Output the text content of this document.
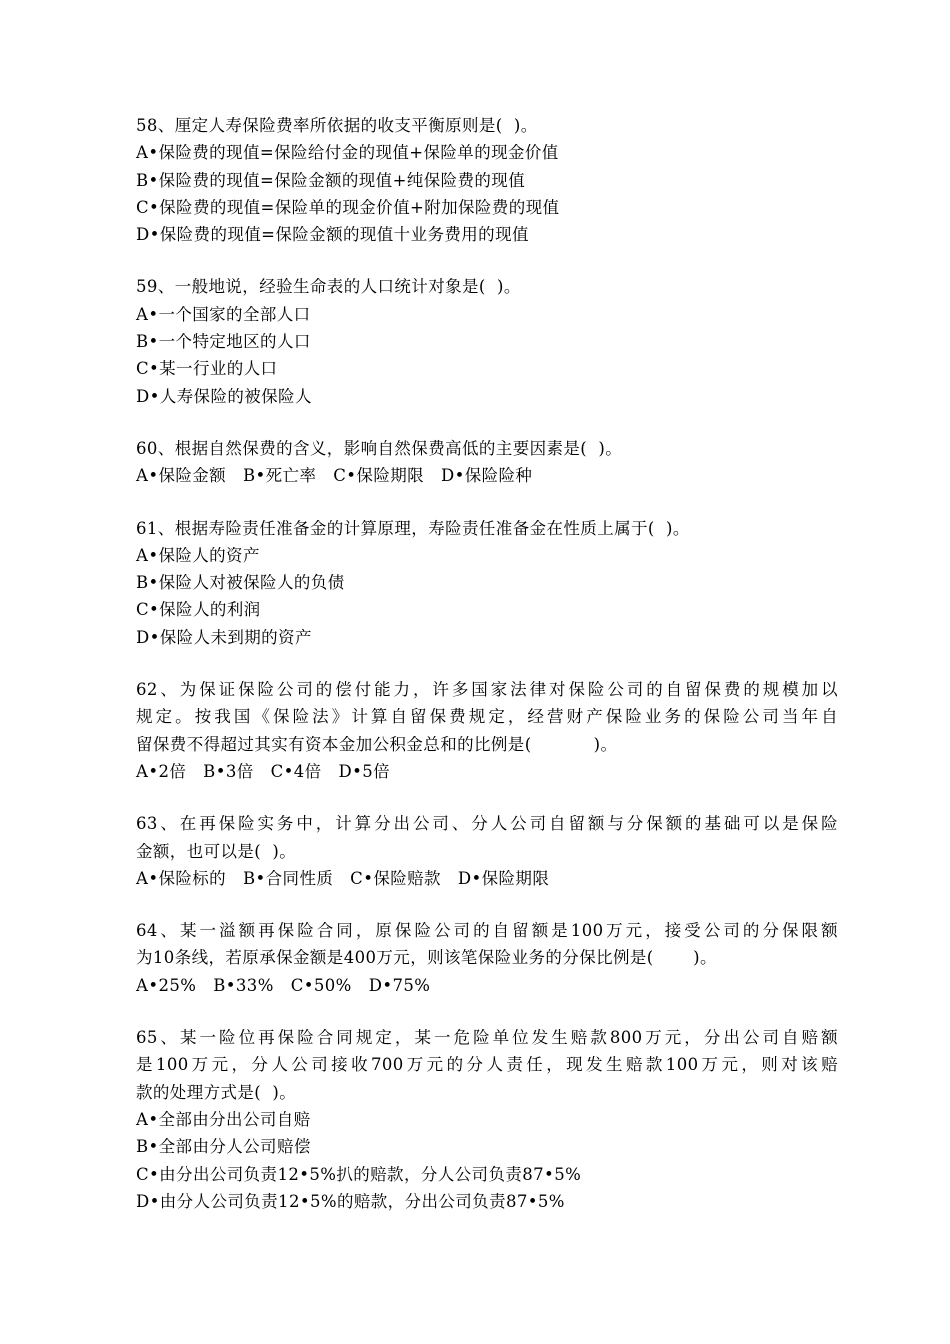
58、厘定人寿保险费率所依据的收支平衡原则是(  )。
A•保险费的现值=保险给付金的现值+保险单的现金价值
B•保险费的现值=保险金额的现值+纯保险费的现值
C•保险费的现值=保险单的现金价值+附加保险费的现值
D•保险费的现值=保险金额的现值十业务费用的现值
59、一般地说，经验生命表的人口统计对象是(  )。
A•一个国家的全部人口
B•一个特定地区的人口
C•某一行业的人口
D•人寿保险的被保险人
60、根据自然保费的含义，影响自然保费高低的主要因素是(  )。
A•保险金额   B•死亡率   C•保险期限   D•保险险种
61、根据寿险责任准备金的计算原理，寿险责任准备金在性质上属于(  )。
A•保险人的资产
B•保险人对被保险人的负债
C•保险人的利润
D•保险人未到期的资产
62、为保证保险公司的偿付能力，许多国家法律对保险公司的自留保费的规模加以
规定。按我国《保险法》计算自留保费规定，经营财产保险业务的保险公司当年自
留保费不得超过其实有资本金加公积金总和的比例是(           )。
A•2倍   B•3倍   C•4倍   D•5倍
63、在再保险实务中，计算分出公司、分人公司自留额与分保额的基础可以是保险
金额，也可以是(  )。
A•保险标的   B•合同性质   C•保险赔款   D•保险期限
64、某一溢额再保险合同，原保险公司的自留额是100万元，接受公司的分保限额
为10条线，若原承保金额是400万元，则该笔保险业务的分保比例是(       )。
A•25%   B•33%   C•50%   D•75%
65、某一险位再保险合同规定，某一危险单位发生赔款800万元，分出公司自赔额
是100万元，分人公司接收700万元的分人责任，现发生赔款100万元，则对该赔
款的处理方式是(  )。
A•全部由分出公司自赔
B•全部由分人公司赔偿
C•由分出公司负责12•5%扒的赔款，分人公司负责87•5%
D•由分人公司负责12•5%的赔款，分出公司负责87•5%
